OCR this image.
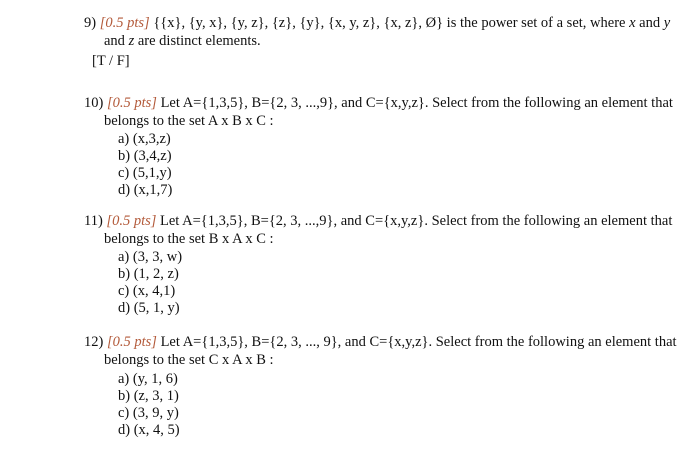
9) [0.5 pts] {{x}, {y, x}, {y, z}, {z}, {y}, {x, y, z}, {x, z}, Ø} is the power set of a set, where x and y
and z are distinct elements.
[T / F]
10) [0.5 pts] Let A={1,3,5}, B={2, 3, ...,9}, and C={x,y,z}. Select from the following an element that
belongs to the set A x B x C :
a) (x,3,z)
b) (3,4,z)
c) (5,1,y)
d) (x,1,7)
11) [0.5 pts] Let A={1,3,5}, B={2, 3, ...,9}, and C={x,y,z}. Select from the following an element that
belongs to the set B x A x C :
a) (3, 3, w)
b) (1, 2, z)
c) (x, 4,1)
d) (5, 1, y)
12) [0.5 pts] Let A={1,3,5}, B={2, 3, ..., 9}, and C={x,y,z}. Select from the following an element that
belongs to the set C x A x B :
a) (y, 1, 6)
b) (z, 3, 1)
c) (3, 9, y)
d) (x, 4, 5)
